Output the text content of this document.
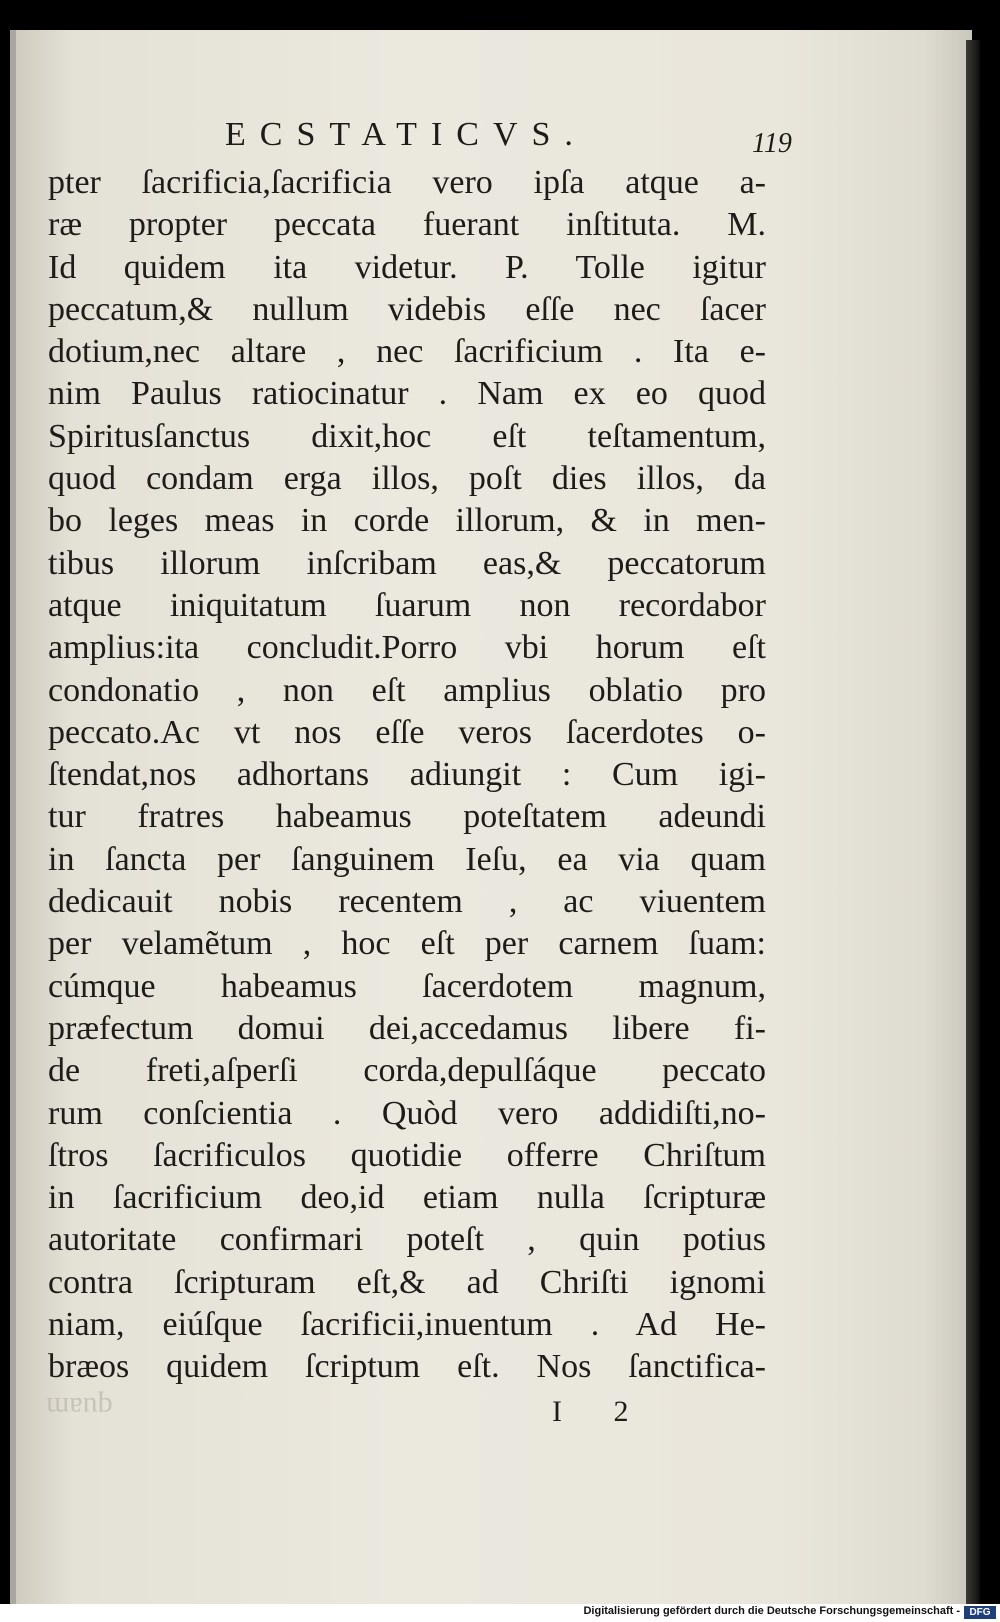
ECSTATICVS.	119
pter ſacrificia,ſacrificia vero ipſa atque a-
ræ propter peccata fuerant inſtituta. M.
Id quidem ita videtur. P. Tolle igitur
peccatum,& nullum videbis eſſe nec ſacer
dotium,nec altare , nec ſacrificium . Ita e-
nim Paulus ratiocinatur . Nam ex eo quod
Spiritusſanctus dixit,hoc eſt teſtamentum,
quod condam erga illos, poſt dies illos, da
bo leges meas in corde illorum, & in men-
tibus illorum inſcribam eas,& peccatorum
atque iniquitatum ſuarum non recordabor
amplius:ita concludit.Porro vbi horum eſt
condonatio , non eſt amplius oblatio pro
peccato.Ac vt nos eſſe veros ſacerdotes o-
ſtendat,nos adhortans adiungit : Cum igi-
tur fratres habeamus poteſtatem adeundi
in ſancta per ſanguinem Ieſu, ea via quam
dedicauit nobis recentem , ac viuentem
per velamẽtum , hoc eſt per carnem ſuam:
cúmque habeamus ſacerdotem magnum,
præfectum domui dei,accedamus libere fi-
de freti,aſperſi corda,depulſáque peccato
rum conſcientia . Quòd vero addidiſti,no-
ſtros ſacrificulos quotidie offerre Chriſtum
in ſacrificium deo,id etiam nulla ſcripturæ
autoritate confirmari poteſt , quin potius
contra ſcripturam eſt,& ad Chriſti ignomi
niam, eiúſque ſacrificii,inuentum . Ad He-
bræos quidem ſcriptum eſt. Nos ſanctifica-
quam	I 2
Digitalisierung gefördert durch die Deutsche Forschungsgemeinschaft - DFG
